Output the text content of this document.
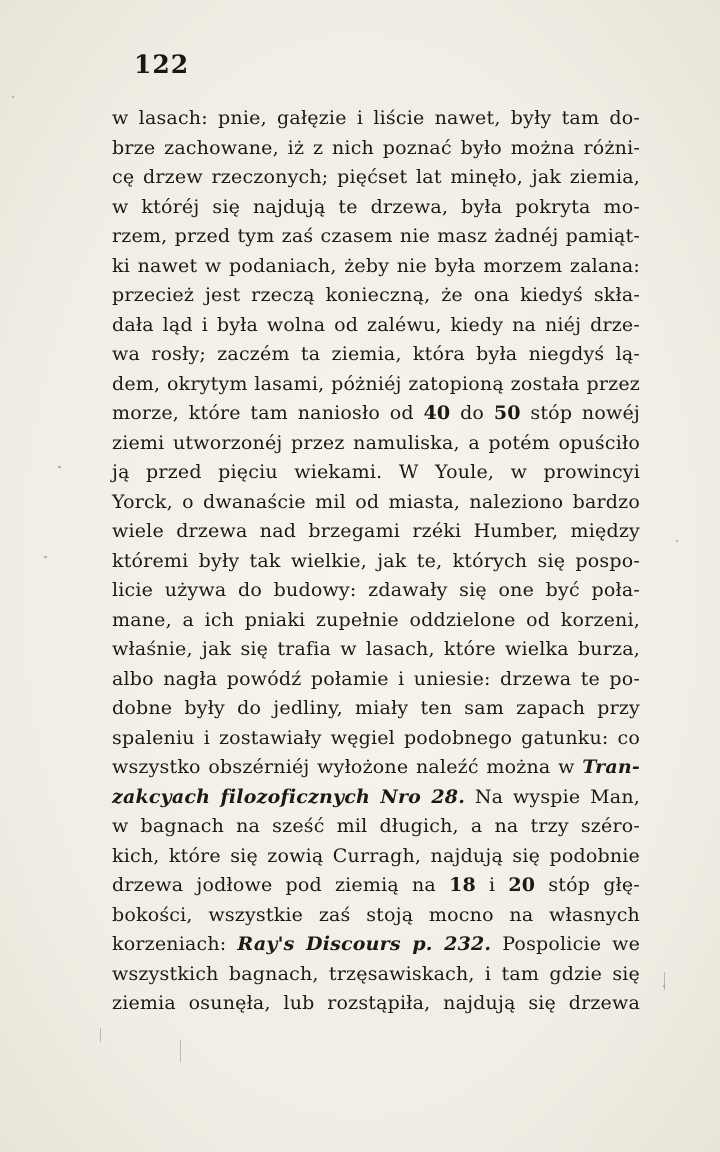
122
w lasach: pnie, gałęzie i liście nawet, były tam do-
brze zachowane, iż z nich poznać było można różni-
cę drzew rzeczonych; pięćset lat minęło, jak ziemia,
w któréj się najdują te drzewa, była pokryta mo-
rzem, przed tym zaś czasem nie masz żadnéj pamiąt-
ki nawet w podaniach, żeby nie była morzem zalana:
przecież jest rzeczą konieczną, że ona kiedyś skła-
dała ląd i była wolna od zaléwu, kiedy na niéj drze-
wa rosły; zaczém ta ziemia, która była niegdyś lą-
dem, okrytym lasami, póżniéj zatopioną została przez
morze, które tam naniosło od 40 do 50 stóp nowéj
ziemi utworzonéj przez namuliska, a potém opuściło
ją przed pięciu wiekami. W Youle, w prowincyi
Yorck, o dwanaście mil od miasta, naleziono bardzo
wiele drzewa nad brzegami rzéki Humber, między
któremi były tak wielkie, jak te, których się pospo-
licie używa do budowy: zdawały się one być poła-
mane, a ich pniaki zupełnie oddzielone od korzeni,
właśnie, jak się trafia w lasach, które wielka burza,
albo nagła powódź połamie i uniesie: drzewa te po-
dobne były do jedliny, miały ten sam zapach przy
spaleniu i zostawiały węgiel podobnego gatunku: co
wszystko obszérniéj wyłożone naleźć można w Tran-
zakcyach filozoficznych Nro 28. Na wyspie Man,
w bagnach na sześć mil długich, a na trzy széro-
kich, które się zowią Curragh, najdują się podobnie
drzewa jodłowe pod ziemią na 18 i 20 stóp głę-
bokości, wszystkie zaś stoją mocno na własnych
korzeniach: Ray's Discours p. 232. Pospolicie we
wszystkich bagnach, trzęsawiskach, i tam gdzie się
ziemia osunęła, lub rozstąpiła, najdują się drzewa
